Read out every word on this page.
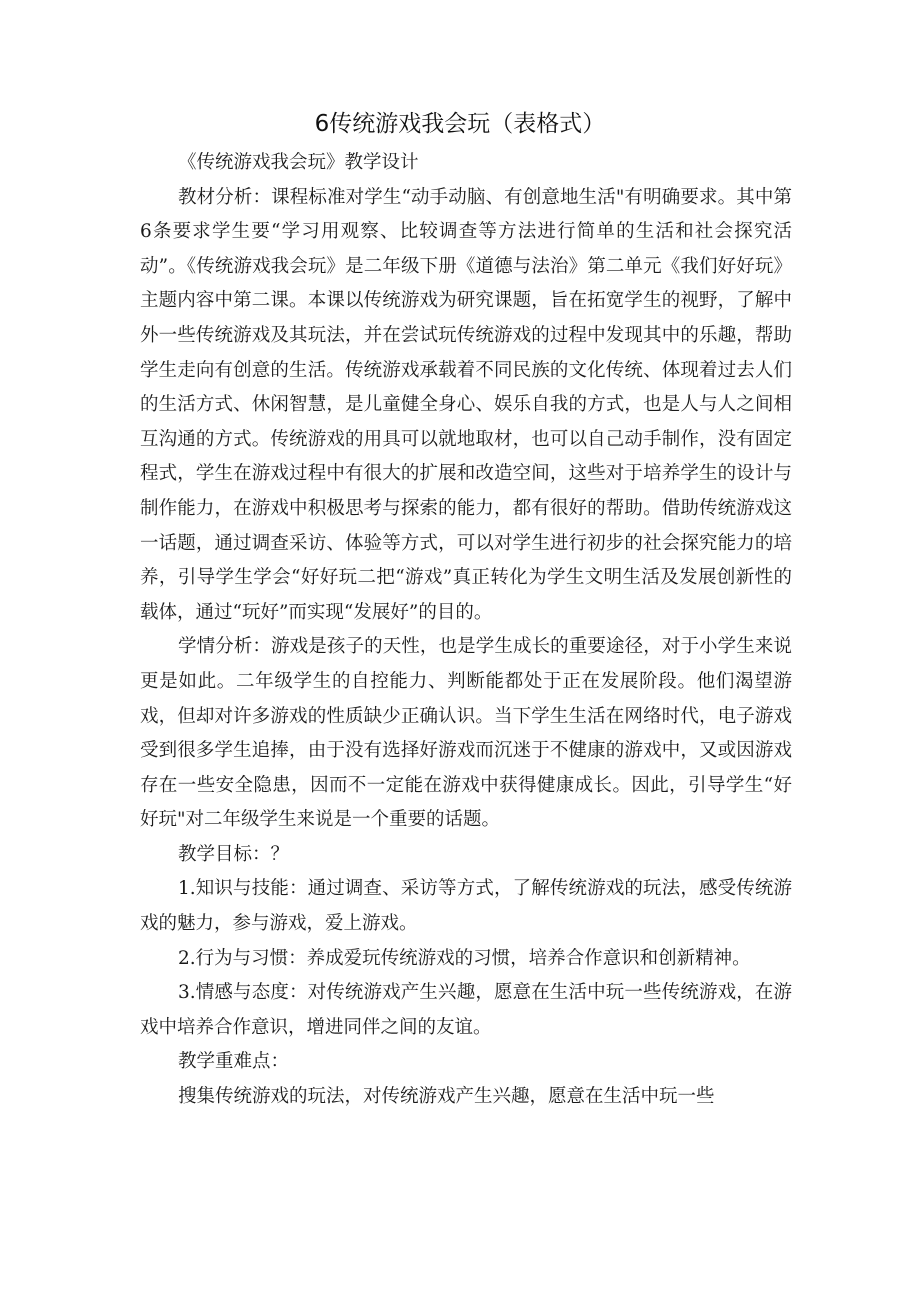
6传统游戏我会玩（表格式）

《传统游戏我会玩》教学设计

教材分析：课程标准对学生“动手动脑、有创意地生活"有明确要求。其中第6条要求学生要“学习用观察、比较调查等方法进行简单的生活和社会探究活动”。《传统游戏我会玩》是二年级下册《道德与法治》第二单元《我们好好玩》主题内容中第二课。本课以传统游戏为研究课题，旨在拓宽学生的视野，了解中外一些传统游戏及其玩法，并在尝试玩传统游戏的过程中发现其中的乐趣，帮助学生走向有创意的生活。传统游戏承载着不同民族的文化传统、体现着过去人们的生活方式、休闲智慧，是儿童健全身心、娱乐自我的方式，也是人与人之间相互沟通的方式。传统游戏的用具可以就地取材，也可以自己动手制作，没有固定程式，学生在游戏过程中有很大的扩展和改造空间，这些对于培养学生的设计与制作能力，在游戏中积极思考与探索的能力，都有很好的帮助。借助传统游戏这一话题，通过调查采访、体验等方式，可以对学生进行初步的社会探究能力的培养，引导学生学会“好好玩二把“游戏”真正转化为学生文明生活及发展创新性的载体，通过“玩好”而实现“发展好”的目的。

学情分析：游戏是孩子的天性，也是学生成长的重要途径，对于小学生来说更是如此。二年级学生的自控能力、判断能都处于正在发展阶段。他们渴望游戏，但却对许多游戏的性质缺少正确认识。当下学生生活在网络时代，电子游戏受到很多学生追捧，由于没有选择好游戏而沉迷于不健康的游戏中，又或因游戏存在一些安全隐患，因而不一定能在游戏中获得健康成长。因此，引导学生“好好玩"对二年级学生来说是一个重要的话题。

教学目标：？

1.知识与技能：通过调查、采访等方式，了解传统游戏的玩法，感受传统游戏的魅力，参与游戏，爱上游戏。

2.行为与习惯：养成爱玩传统游戏的习惯，培养合作意识和创新精神。

3.情感与态度：对传统游戏产生兴趣，愿意在生活中玩一些传统游戏，在游戏中培养合作意识，增进同伴之间的友谊。

教学重难点：

搜集传统游戏的玩法，对传统游戏产生兴趣，愿意在生活中玩一些
